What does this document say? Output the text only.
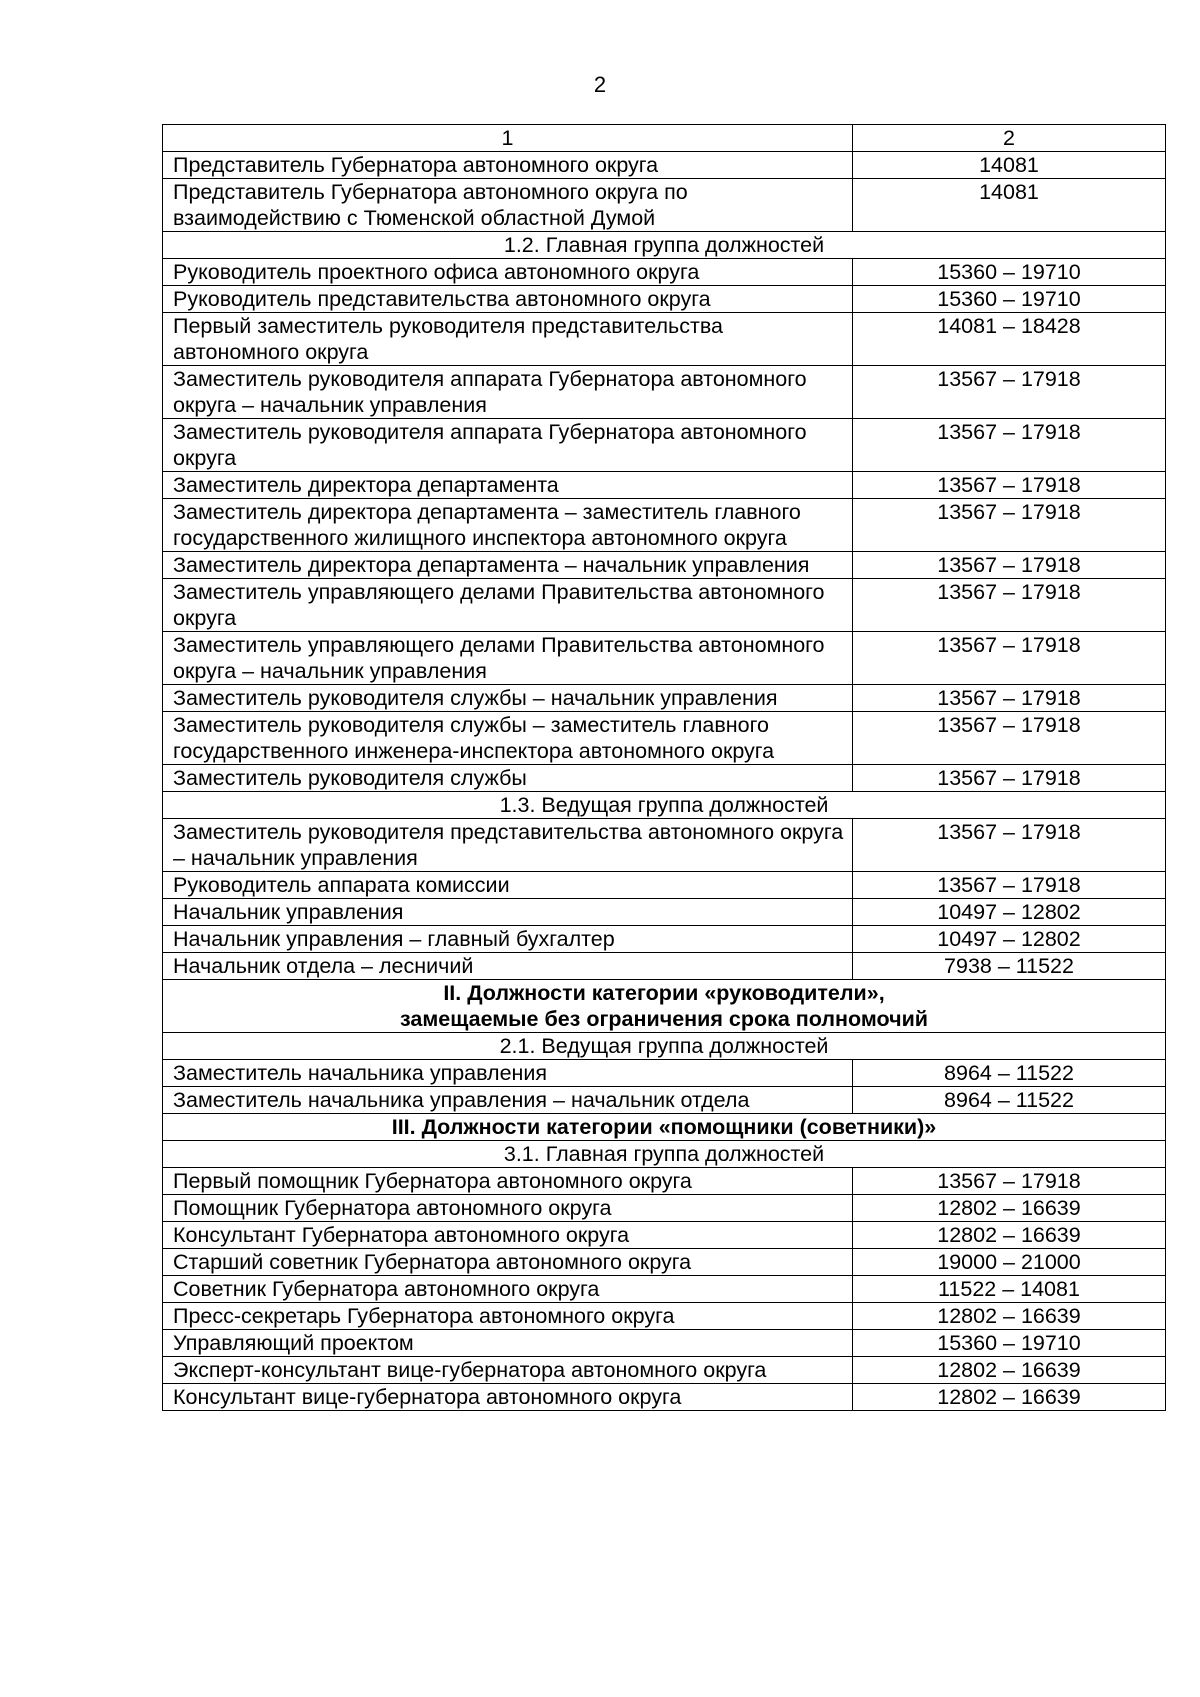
2
1	2
Представитель Губернатора автономного округа	14081
Представитель Губернатора автономного округа по взаимодействию с Тюменской областной Думой	14081
1.2. Главная группа должностей	
Руководитель проектного офиса автономного округа	15360 – 19710
Руководитель представительства автономного округа	15360 – 19710
Первый заместитель руководителя представительства автономного округа	14081 – 18428
Заместитель руководителя аппарата Губернатора автономного округа – начальник управления	13567 – 17918
Заместитель руководителя аппарата Губернатора автономного округа	13567 – 17918
Заместитель директора департамента	13567 – 17918
Заместитель директора департамента – заместитель главного государственного жилищного инспектора автономного округа	13567 – 17918
Заместитель директора департамента – начальник управления	13567 – 17918
Заместитель управляющего делами Правительства автономного округа	13567 – 17918
Заместитель управляющего делами Правительства автономного округа – начальник управления	13567 – 17918
Заместитель руководителя службы – начальник управления	13567 – 17918
Заместитель руководителя службы – заместитель главного государственного инженера-инспектора автономного округа	13567 – 17918
Заместитель руководителя службы	13567 – 17918
1.3. Ведущая группа должностей	
Заместитель руководителя представительства автономного округа – начальник управления	13567 – 17918
Руководитель аппарата комиссии	13567 – 17918
Начальник управления	10497 – 12802
Начальник управления – главный бухгалтер	10497 – 12802
Начальник отдела – лесничий	7938 – 11522

II. Должности категории «руководители»,
замещаемые без ограничения срока полномочий	

2.1. Ведущая группа должностей	
Заместитель начальника управления	8964 – 11522
Заместитель начальника управления – начальник отдела	8964 – 11522

III. Должности категории «помощники (советники)»	

3.1. Главная группа должностей	
Первый помощник Губернатора автономного округа	13567 – 17918
Помощник Губернатора автономного округа	12802 – 16639
Консультант Губернатора автономного округа	12802 – 16639
Старший советник Губернатора автономного округа	19000 – 21000
Советник Губернатора автономного округа	11522 – 14081
Пресс-секретарь Губернатора автономного округа	12802 – 16639
Управляющий проектом	15360 – 19710
Эксперт-консультант вице-губернатора автономного округа	12802 – 16639
Консультант вице-губернатора автономного округа	12802 – 16639
